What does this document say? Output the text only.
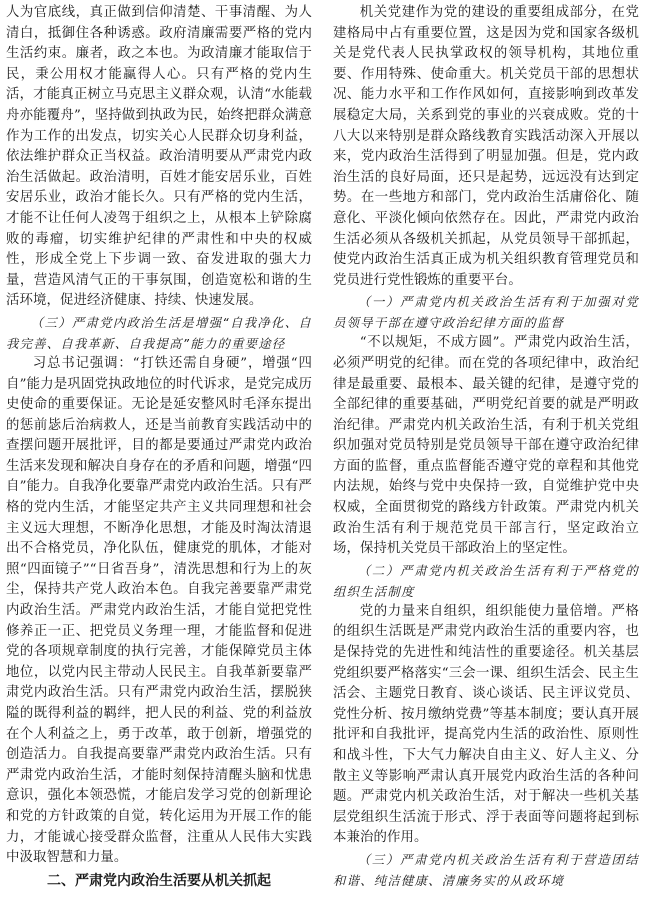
人为官底线，真正做到信仰清楚、干事清醒、为人清白，抵御住各种诱惑。政府清廉需要严格的党内生活约束。廉者，政之本也。为政清廉才能取信于民，秉公用权才能赢得人心。只有严格的党内生活，才能真正树立马克思主义群众观，认清“水能载舟亦能覆舟”，坚持做到执政为民，始终把群众满意作为工作的出发点，切实关心人民群众切身利益，依法维护群众正当权益。政治清明要从严肃党内政治生活做起。政治清明，百姓才能安居乐业，百姓安居乐业，政治才能长久。只有严格的党内生活，才能不让任何人凌驾于组织之上，从根本上铲除腐败的毒瘤，切实维护纪律的严肃性和中央的权威性，形成全党上下步调一致、奋发进取的强大力量，营造风清气正的干事氛围，创造宽松和谐的生活环境，促进经济健康、持续、快速发展。

（三）严肃党内政治生活是增强“自我净化、自我完善、自我革新、自我提高”能力的重要途径

习总书记强调：“打铁还需自身硬”，增强“四自”能力是巩固党执政地位的时代诉求，是党完成历史使命的重要保证。无论是延安整风时毛泽东提出的惩前毖后治病救人，还是当前教育实践活动中的查摆问题开展批评，目的都是要通过严肃党内政治生活来发现和解决自身存在的矛盾和问题，增强“四自”能力。自我净化要靠严肃党内政治生活。只有严格的党内生活，才能坚定共产主义共同理想和社会主义远大理想，不断净化思想，才能及时淘汰清退出不合格党员，净化队伍，健康党的肌体，才能对照“四面镜子”“日省吾身”，清洗思想和行为上的灰尘，保持共产党人政治本色。自我完善要靠严肃党内政治生活。严肃党内政治生活，才能自觉把党性修养正一正、把党员义务理一理，才能监督和促进党的各项规章制度的执行完善，才能保障党员主体地位，以党内民主带动人民民主。自我革新要靠严肃党内政治生活。只有严肃党内政治生活，摆脱狭隘的既得利益的羁绊，把人民的利益、党的利益放在个人利益之上，勇于改革，敢于创新，增强党的创造活力。自我提高要靠严肃党内政治生活。只有严肃党内政治生活，才能时刻保持清醒头脑和忧患意识，强化本领恐慌，才能启发学习党的创新理论和党的方针政策的自觉，转化运用为开展工作的能力，才能诚心接受群众监督，注重从人民伟大实践中汲取智慧和力量。

二、严肃党内政治生活要从机关抓起

机关党建作为党的建设的重要组成部分，在党建格局中占有重要位置，这是因为党和国家各级机关是党代表人民执掌政权的领导机构，其地位重要、作用特殊、使命重大。机关党员干部的思想状况、能力水平和工作作风如何，直接影响到改革发展稳定大局，关系到党的事业的兴衰成败。党的十八大以来特别是群众路线教育实践活动深入开展以来，党内政治生活得到了明显加强。但是，党内政治生活的良好局面，还只是起势，远远没有达到定势。在一些地方和部门，党内政治生活庸俗化、随意化、平淡化倾向依然存在。因此，严肃党内政治生活必须从各级机关抓起，从党员领导干部抓起，使党内政治生活真正成为机关组织教育管理党员和党员进行党性锻炼的重要平台。

（一）严肃党内机关政治生活有利于加强对党员领导干部在遵守政治纪律方面的监督

“不以规矩，不成方圆”。严肃党内政治生活，必须严明党的纪律。而在党的各项纪律中，政治纪律是最重要、最根本、最关键的纪律，是遵守党的全部纪律的重要基础，严明党纪首要的就是严明政治纪律。严肃党内机关政治生活，有利于机关党组织加强对党员特别是党员领导干部在遵守政治纪律方面的监督，重点监督能否遵守党的章程和其他党内法规，始终与党中央保持一致，自觉维护党中央权威，全面贯彻党的路线方针政策。严肃党内机关政治生活有利于规范党员干部言行，坚定政治立场，保持机关党员干部政治上的坚定性。

（二）严肃党内机关政治生活有利于严格党的组织生活制度

党的力量来自组织，组织能使力量倍增。严格的组织生活既是严肃党内政治生活的重要内容，也是保持党的先进性和纯洁性的重要途径。机关基层党组织要严格落实“三会一课、组织生活会、民主生活会、主题党日教育、谈心谈话、民主评议党员、党性分析、按月缴纳党费”等基本制度；要认真开展批评和自我批评，提高党内生活的政治性、原则性和战斗性，下大气力解决自由主义、好人主义、分散主义等影响严肃认真开展党内政治生活的各种问题。严肃党内机关政治生活，对于解决一些机关基层党组织生活流于形式、浮于表面等问题将起到标本兼治的作用。

（三）严肃党内机关政治生活有利于营造团结和谐、纯洁健康、清廉务实的从政环境
